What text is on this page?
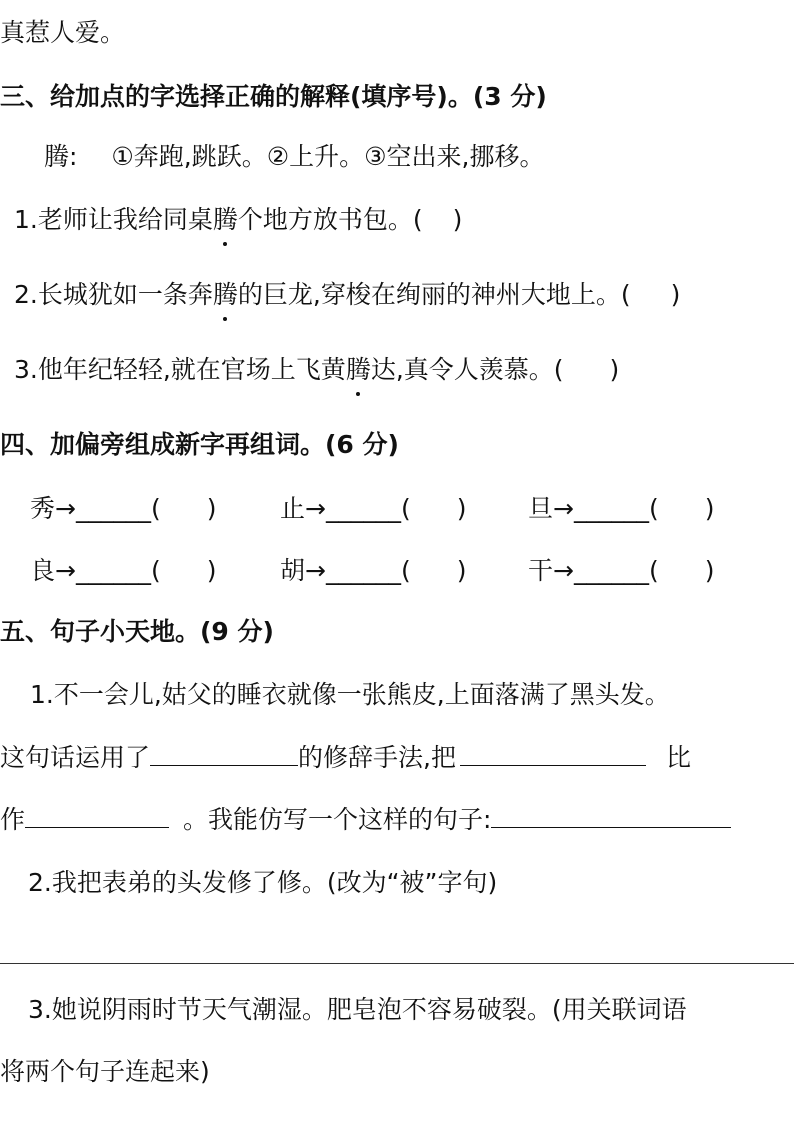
真惹人爱。
三、给加点的字选择正确的解释(填序号)。(3 分)
腾: ①奔跑,跳跃。②上升。③空出来,挪移。
1.老师让我给同桌腾个地方放书包。( )
2.长城犹如一条奔腾的巨龙,穿梭在绚丽的神州大地上。( )
3.他年纪轻轻,就在官场上飞黄腾达,真令人羡慕。( )
四、加偏旁组成新字再组词。(6 分)
秀→______( )	止→______( ) 旦→______( )
良→______( )	胡→______( ) 干→______( )
五、句子小天地。(9 分)
1.不一会儿,姑父的睡衣就像一张熊皮,上面落满了黑头发。
这句话运用了	的修辞手法,把	比
作	。我能仿写一个这样的句子:
2.我把表弟的头发修了修。(改为“被”字句)
3.她说阴雨时节天气潮湿。肥皂泡不容易破裂。(用关联词语
将两个句子连起来)
